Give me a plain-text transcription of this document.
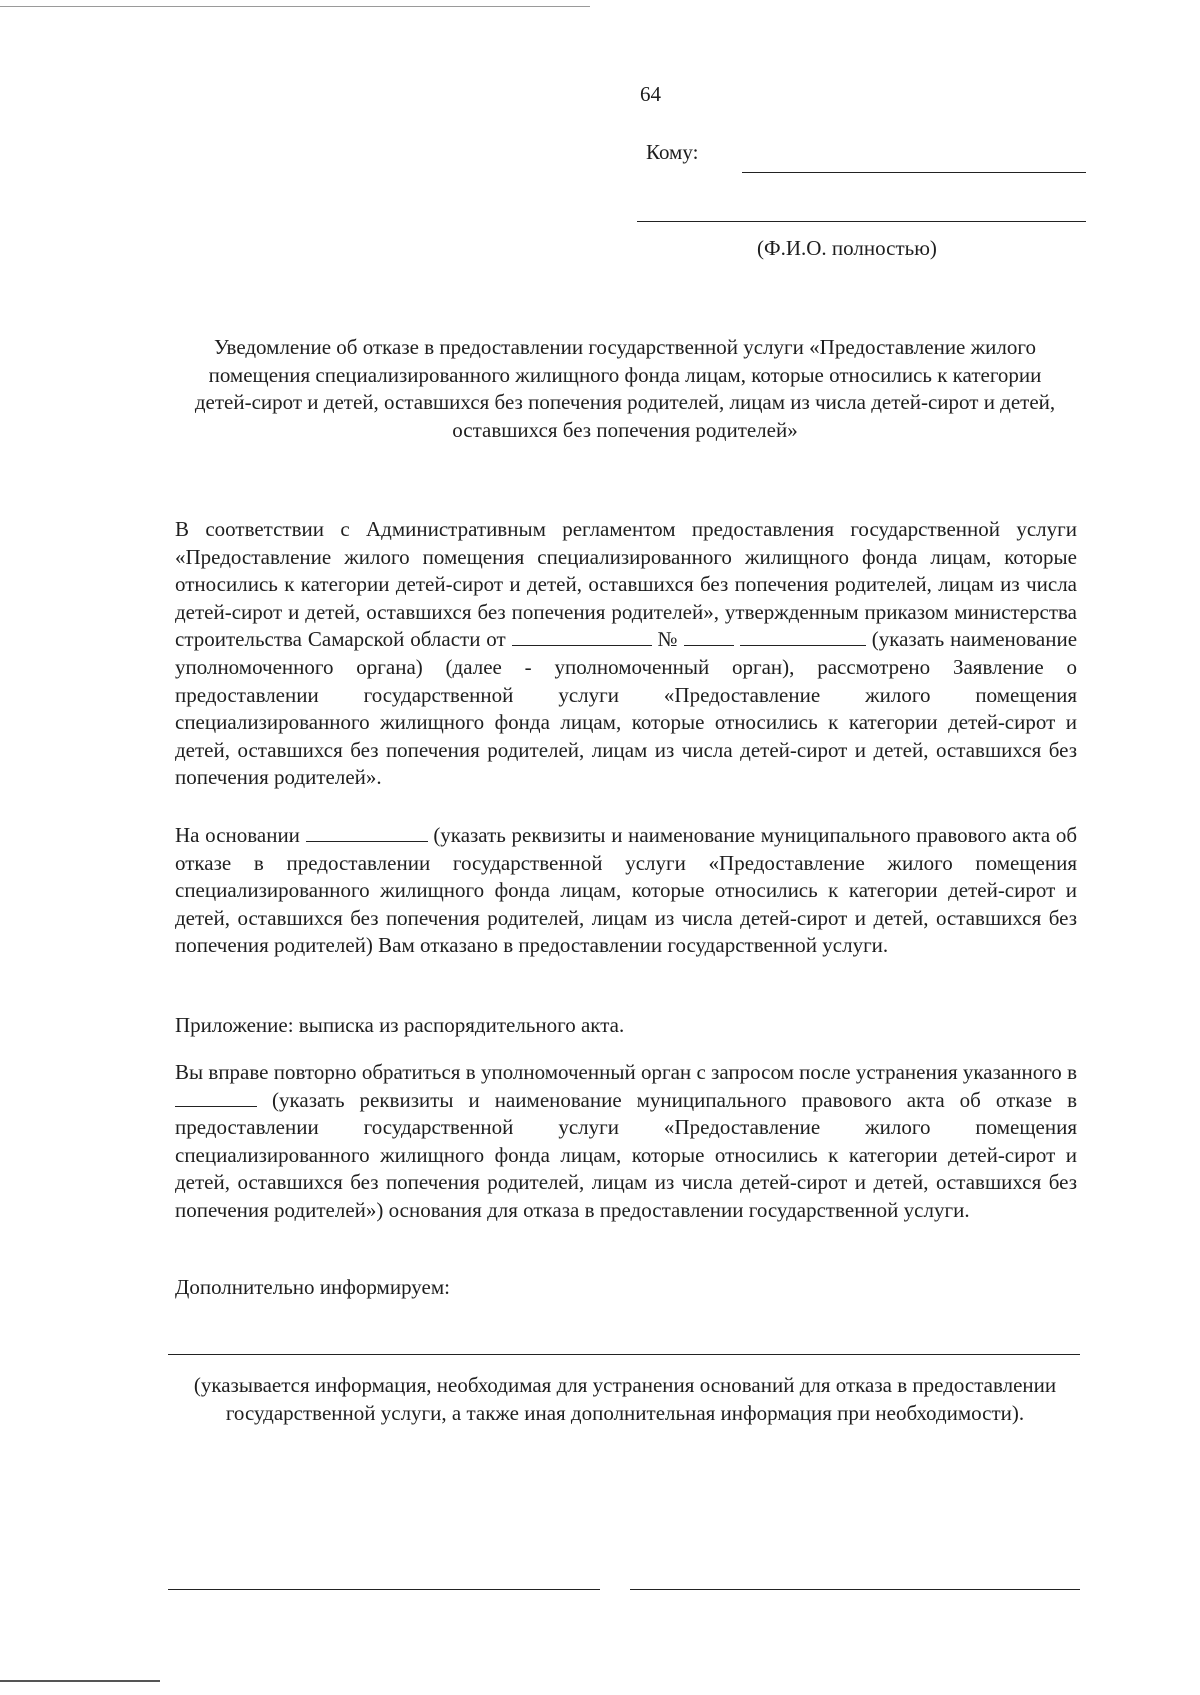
64
Кому:
(Ф.И.О. полностью)
Уведомление об отказе в предоставлении государственной услуги «Предоставление жилого помещения специализированного жилищного фонда лицам, которые относились к категории детей-сирот и детей, оставшихся без попечения родителей, лицам из числа детей-сирот и детей, оставшихся без попечения родителей»

В соответствии с Административным регламентом предоставления государственной услуги «Предоставление жилого помещения специализированного жилищного фонда лицам, которые относились к категории детей-сирот и детей, оставшихся без попечения родителей, лицам из числа детей-сирот и детей, оставшихся без попечения родителей», утвержденным приказом министерства строительства Самарской области от	№	(указать наименование уполномоченного органа) (далее - уполномоченный орган), рассмотрено Заявление о предоставлении государственной услуги «Предоставление жилого помещения специализированного жилищного фонда лицам, которые относились к категории детей-сирот и детей, оставшихся без попечения родителей, лицам из числа детей-сирот и детей, оставшихся без попечения родителей».

На основании	(указать реквизиты и наименование муниципального правового акта об отказе в предоставлении государственной услуги «Предоставление жилого помещения специализированного жилищного фонда лицам, которые относились к категории детей-сирот и детей, оставшихся без попечения родителей, лицам из числа детей-сирот и детей, оставшихся без попечения родителей) Вам отказано в предоставлении государственной услуги.

Приложение: выписка из распорядительного акта.

Вы вправе повторно обратиться в уполномоченный орган с запросом после устранения указанного в  (указать реквизиты и наименование муниципального правового акта об отказе в предоставлении государственной услуги «Предоставление жилого помещения специализированного жилищного фонда лицам, которые относились к категории детей-сирот и детей, оставшихся без попечения родителей, лицам из числа детей-сирот и детей, оставшихся без попечения родителей») основания для отказа в предоставлении государственной услуги.

Дополнительно информируем:

(указывается информация, необходимая для устранения оснований для отказа в предоставлении государственной услуги, а также иная дополнительная информация при необходимости).
